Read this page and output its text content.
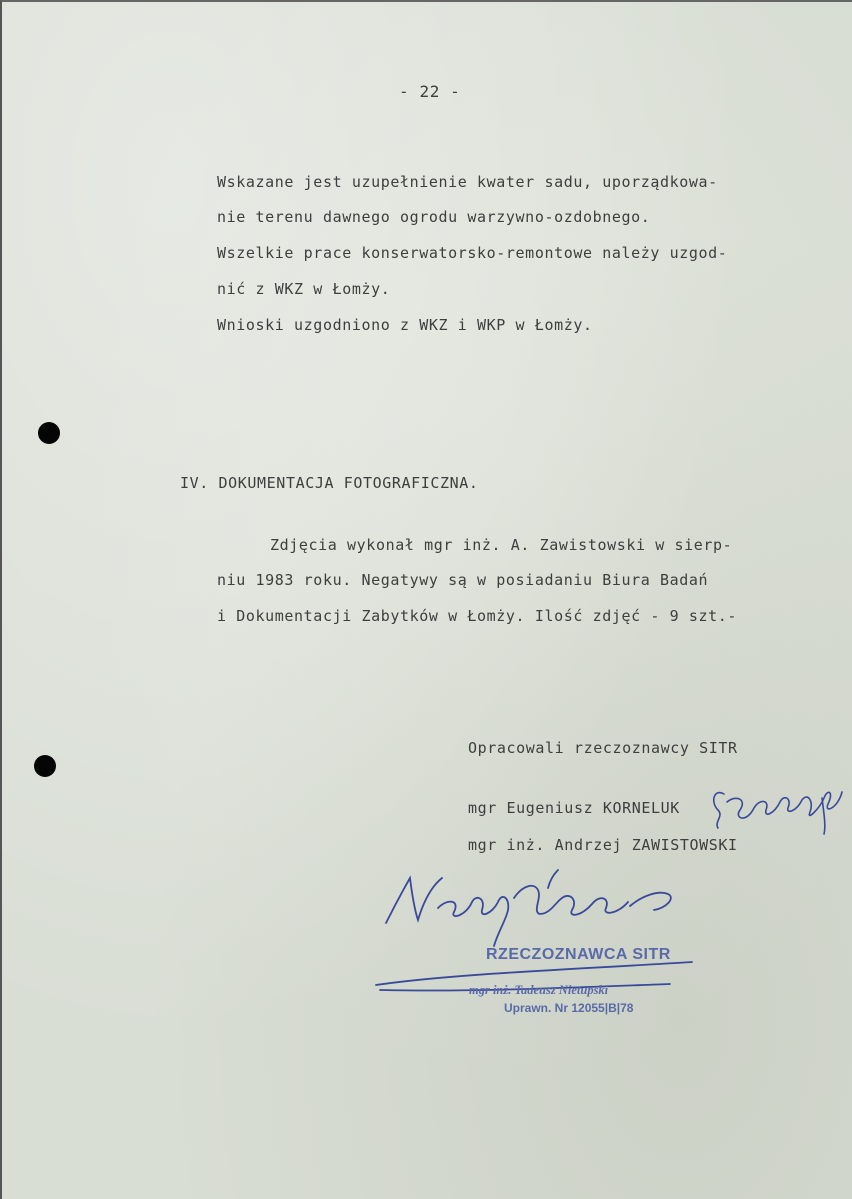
- 22 -
Wskazane jest uzupełnienie kwater sadu, uporządkowa-
nie terenu dawnego ogrodu warzywno-ozdobnego.
Wszelkie prace konserwatorsko-remontowe należy uzgod-
nić z WKZ w Łomży.
Wnioski uzgodniono z WKZ i WKP w Łomży.
IV. DOKUMENTACJA FOTOGRAFICZNA.
Zdjęcia wykonał mgr inż. A. Zawistowski w sierp-
niu 1983 roku. Negatywy są w posiadaniu Biura Badań
i Dokumentacji Zabytków w Łomży. Ilość zdjęć - 9 szt.-
Opracowali rzeczoznawcy SITR
mgr Eugeniusz KORNELUK
mgr inż. Andrzej ZAWISTOWSKI
RZECZOZNAWCA SITR
mgr inż. Tadeusz Nietupski
Uprawn. Nr 12055|B|78
